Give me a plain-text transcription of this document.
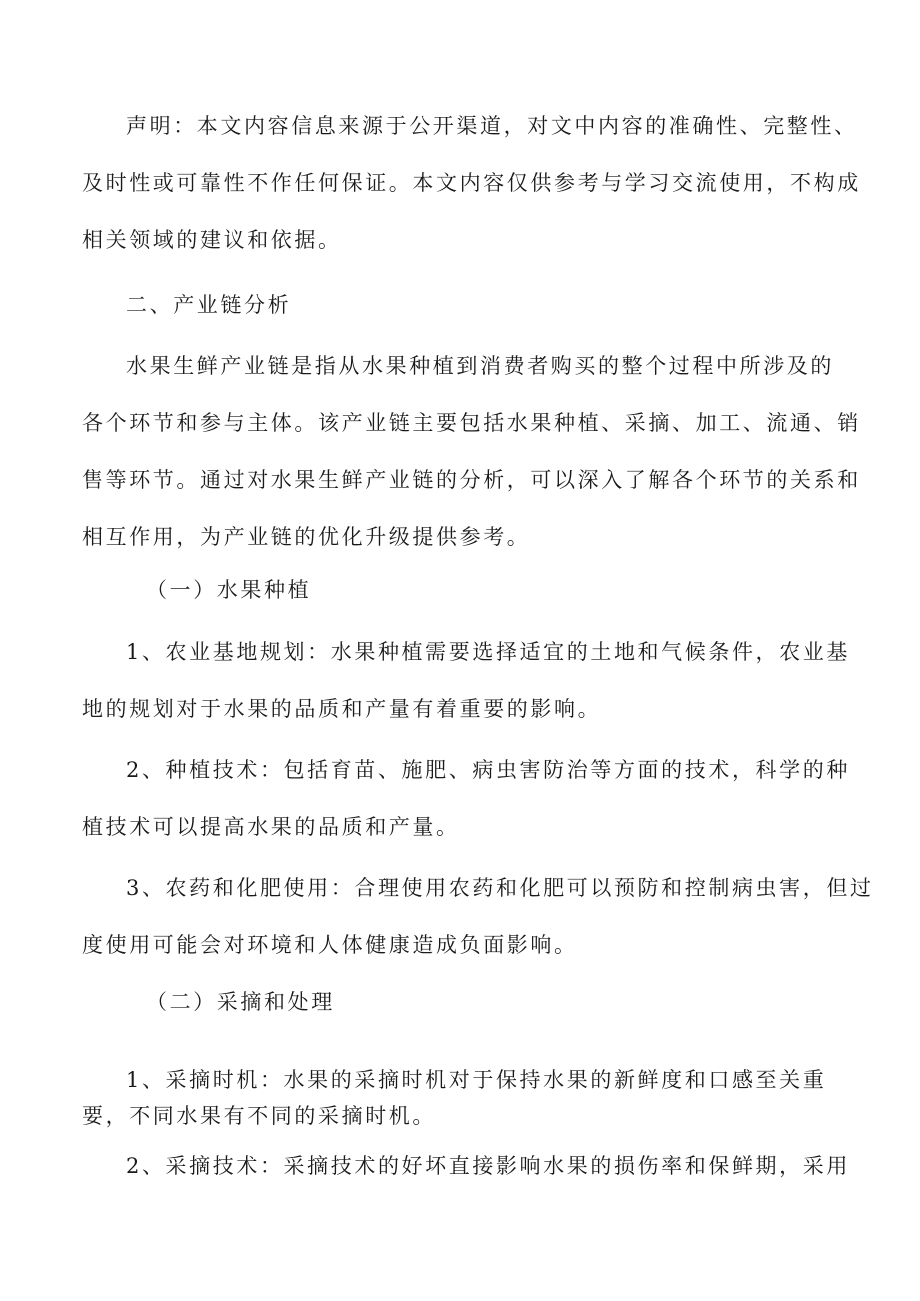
声明：本文内容信息来源于公开渠道，对文中内容的准确性、完整性、
及时性或可靠性不作任何保证。本文内容仅供参考与学习交流使用，不构成
相关领域的建议和依据。
二、产业链分析
水果生鲜产业链是指从水果种植到消费者购买的整个过程中所涉及的
各个环节和参与主体。该产业链主要包括水果种植、采摘、加工、流通、销
售等环节。通过对水果生鲜产业链的分析，可以深入了解各个环节的关系和
相互作用，为产业链的优化升级提供参考。
（一）水果种植
1、农业基地规划：水果种植需要选择适宜的土地和气候条件，农业基
地的规划对于水果的品质和产量有着重要的影响。
2、种植技术：包括育苗、施肥、病虫害防治等方面的技术，科学的种
植技术可以提高水果的品质和产量。
3、农药和化肥使用：合理使用农药和化肥可以预防和控制病虫害，但过
度使用可能会对环境和人体健康造成负面影响。
（二）采摘和处理
1、采摘时机：水果的采摘时机对于保持水果的新鲜度和口感至关重
要，不同水果有不同的采摘时机。
2、采摘技术：采摘技术的好坏直接影响水果的损伤率和保鲜期，采用
